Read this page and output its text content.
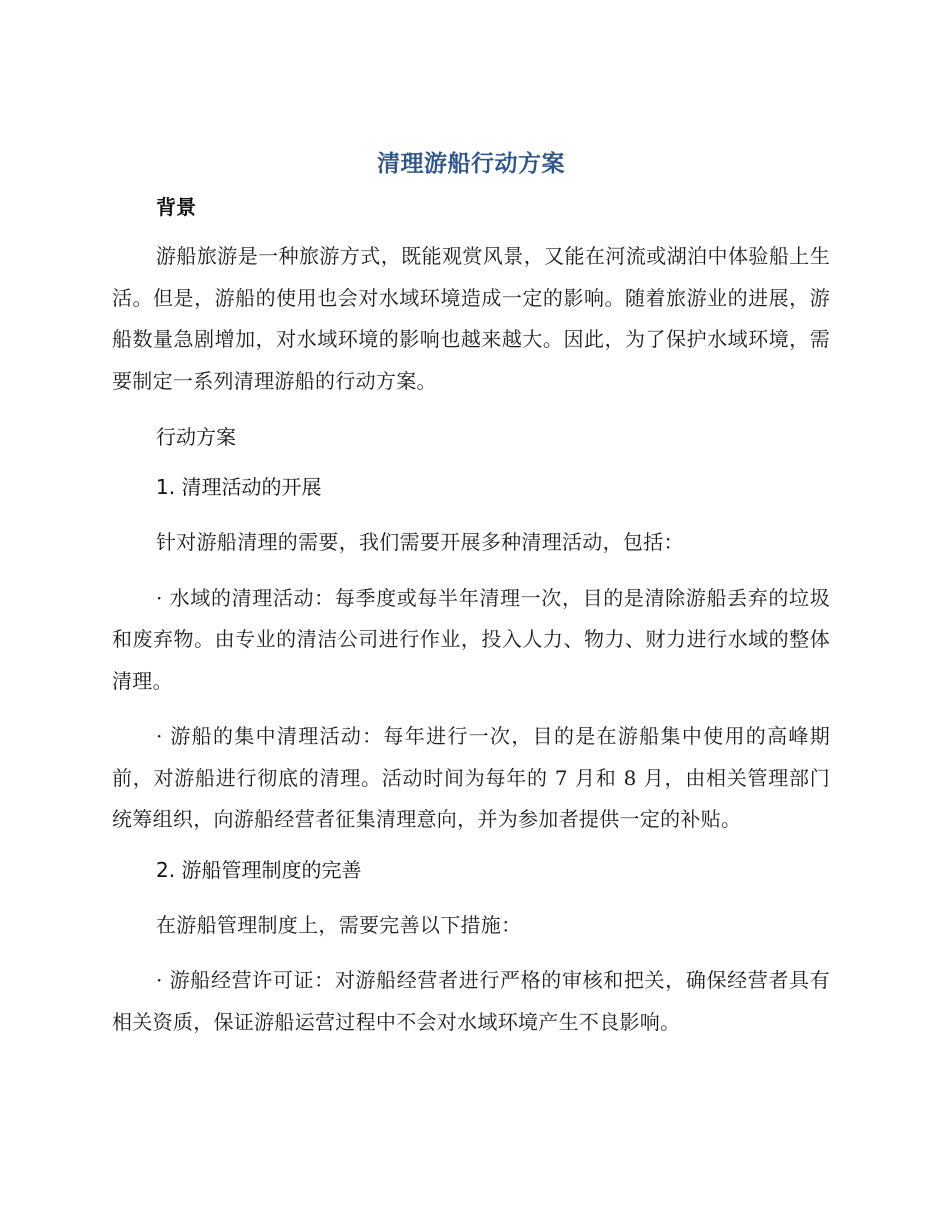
清理游船行动方案

背景

游船旅游是一种旅游方式，既能观赏风景，又能在河流或湖泊中体验船上生活。但是，游船的使用也会对水域环境造成一定的影响。随着旅游业的进展，游船数量急剧增加，对水域环境的影响也越来越大。因此，为了保护水域环境，需要制定一系列清理游船的行动方案。

行动方案

1. 清理活动的开展

针对游船清理的需要，我们需要开展多种清理活动，包括：

· 水域的清理活动：每季度或每半年清理一次，目的是清除游船丢弃的垃圾和废弃物。由专业的清洁公司进行作业，投入人力、物力、财力进行水域的整体清理。

· 游船的集中清理活动：每年进行一次，目的是在游船集中使用的高峰期前，对游船进行彻底的清理。活动时间为每年的 7 月和 8 月，由相关管理部门统筹组织，向游船经营者征集清理意向，并为参加者提供一定的补贴。

2. 游船管理制度的完善

在游船管理制度上，需要完善以下措施：

· 游船经营许可证：对游船经营者进行严格的审核和把关，确保经营者具有相关资质，保证游船运营过程中不会对水域环境产生不良影响。
